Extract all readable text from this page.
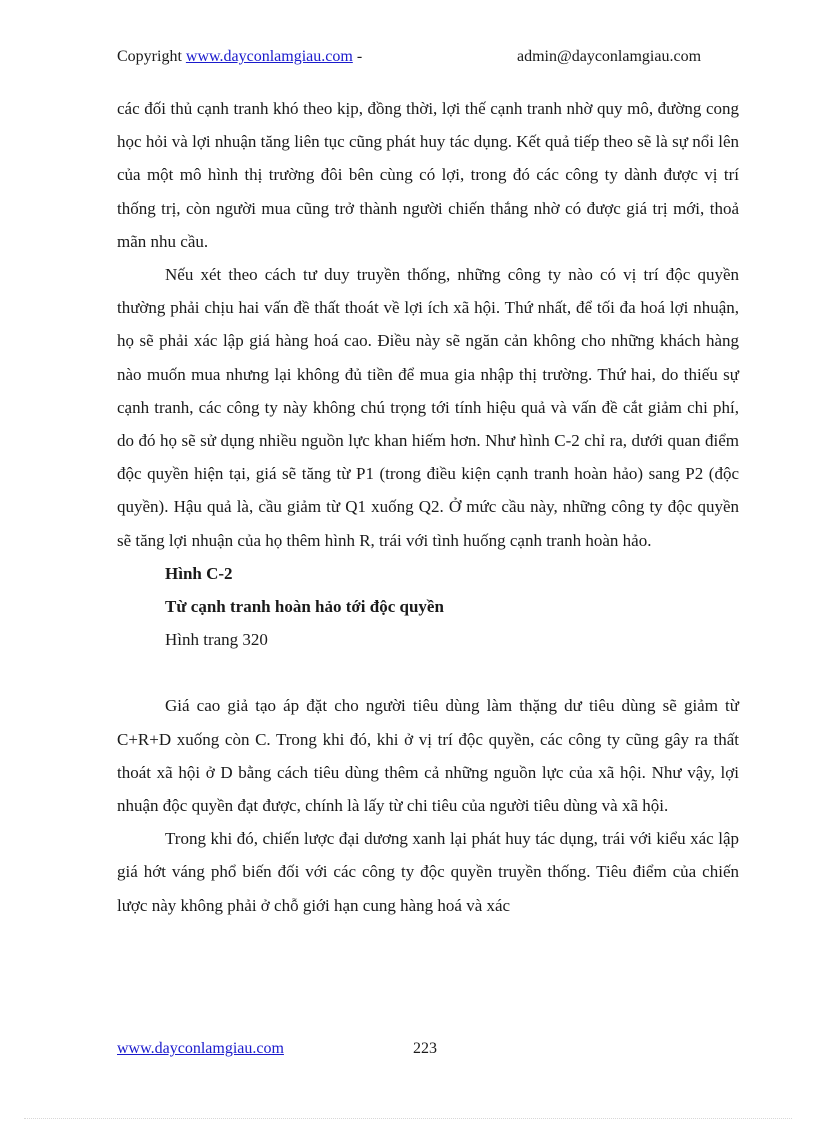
Copyright www.dayconlamgiau.com -	admin@dayconlamgiau.com

các đối thủ cạnh tranh khó theo kịp, đồng thời, lợi thế cạnh tranh nhờ quy mô, đường cong học hỏi và lợi nhuận tăng liên tục cũng phát huy tác dụng. Kết quả tiếp theo sẽ là sự nổi lên của một mô hình thị trường đôi bên cùng có lợi, trong đó các công ty dành được vị trí thống trị, còn người mua cũng trở thành người chiến thắng nhờ có được giá trị mới, thoả mãn nhu cầu.

Nếu xét theo cách tư duy truyền thống, những công ty nào có vị trí độc quyền thường phải chịu hai vấn đề thất thoát về lợi ích xã hội. Thứ nhất, để tối đa hoá lợi nhuận, họ sẽ phải xác lập giá hàng hoá cao. Điều này sẽ ngăn cản không cho những khách hàng nào muốn mua nhưng lại không đủ tiền để mua gia nhập thị trường. Thứ hai, do thiếu sự cạnh tranh, các công ty này không chú trọng tới tính hiệu quả và vấn đề cắt giảm chi phí, do đó họ sẽ sử dụng nhiều nguồn lực khan hiếm hơn. Như hình C-2 chỉ ra, dưới quan điểm độc quyền hiện tại, giá sẽ tăng từ P1 (trong điều kiện cạnh tranh hoàn hảo) sang P2 (độc quyền). Hậu quả là, cầu giảm từ Q1 xuống Q2. Ở mức cầu này, những công ty độc quyền sẽ tăng lợi nhuận của họ thêm hình R, trái với tình huống cạnh tranh hoàn hảo.

Hình C-2

Từ cạnh tranh hoàn hảo tới độc quyền

Hình trang 320

Giá cao giả tạo áp đặt cho người tiêu dùng làm thặng dư tiêu dùng sẽ giảm từ C+R+D xuống còn C. Trong khi đó, khi ở vị trí độc quyền, các công ty cũng gây ra thất thoát xã hội ở D bằng cách tiêu dùng thêm cả những nguồn lực của xã hội. Như vậy, lợi nhuận độc quyền đạt được, chính là lấy từ chi tiêu của người tiêu dùng và xã hội.

Trong khi đó, chiến lược đại dương xanh lại phát huy tác dụng, trái với kiểu xác lập giá hớt váng phổ biến đối với các công ty độc quyền truyền thống. Tiêu điểm của chiến lược này không phải ở chỗ giới hạn cung hàng hoá và xác

www.dayconlamgiau.com	223
